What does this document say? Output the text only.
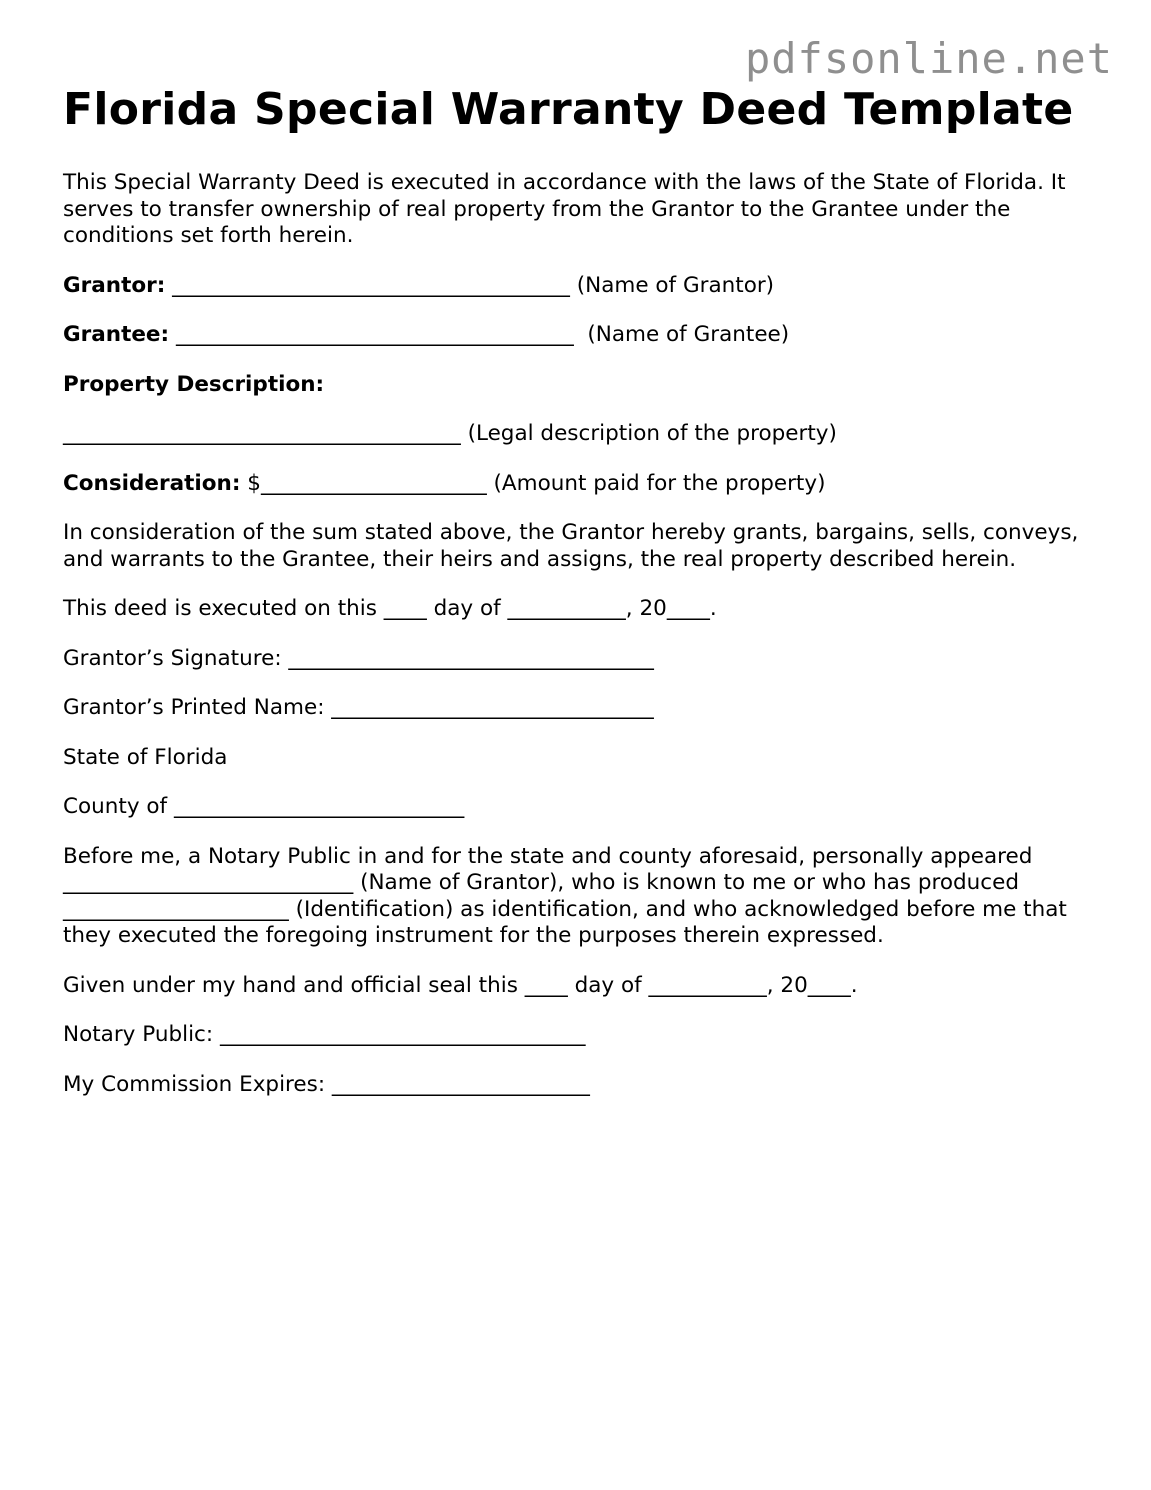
pdfsonline.net
Florida Special Warranty Deed Template

This Special Warranty Deed is executed in accordance with the laws of the State of Florida. It serves to transfer ownership of real property from the Grantor to the Grantee under the conditions set forth herein.

Grantor: _____________________________________ (Name of Grantor)

Grantee: _____________________________________  (Name of Grantee)

Property Description:

_____________________________________ (Legal description of the property)

Consideration: $_____________________ (Amount paid for the property)

In consideration of the sum stated above, the Grantor hereby grants, bargains, sells, conveys, and warrants to the Grantee, their heirs and assigns, the real property described herein.

This deed is executed on this ____ day of ___________, 20____.

Grantor’s Signature: __________________________________

Grantor’s Printed Name: ______________________________

State of Florida

County of ___________________________

Before me, a Notary Public in and for the state and county aforesaid, personally appeared ___________________________ (Name of Grantor), who is known to me or who has produced _____________________ (Identification) as identification, and who acknowledged before me that they executed the foregoing instrument for the purposes therein expressed.

Given under my hand and official seal this ____ day of ___________, 20____.

Notary Public: __________________________________

My Commission Expires: ________________________
